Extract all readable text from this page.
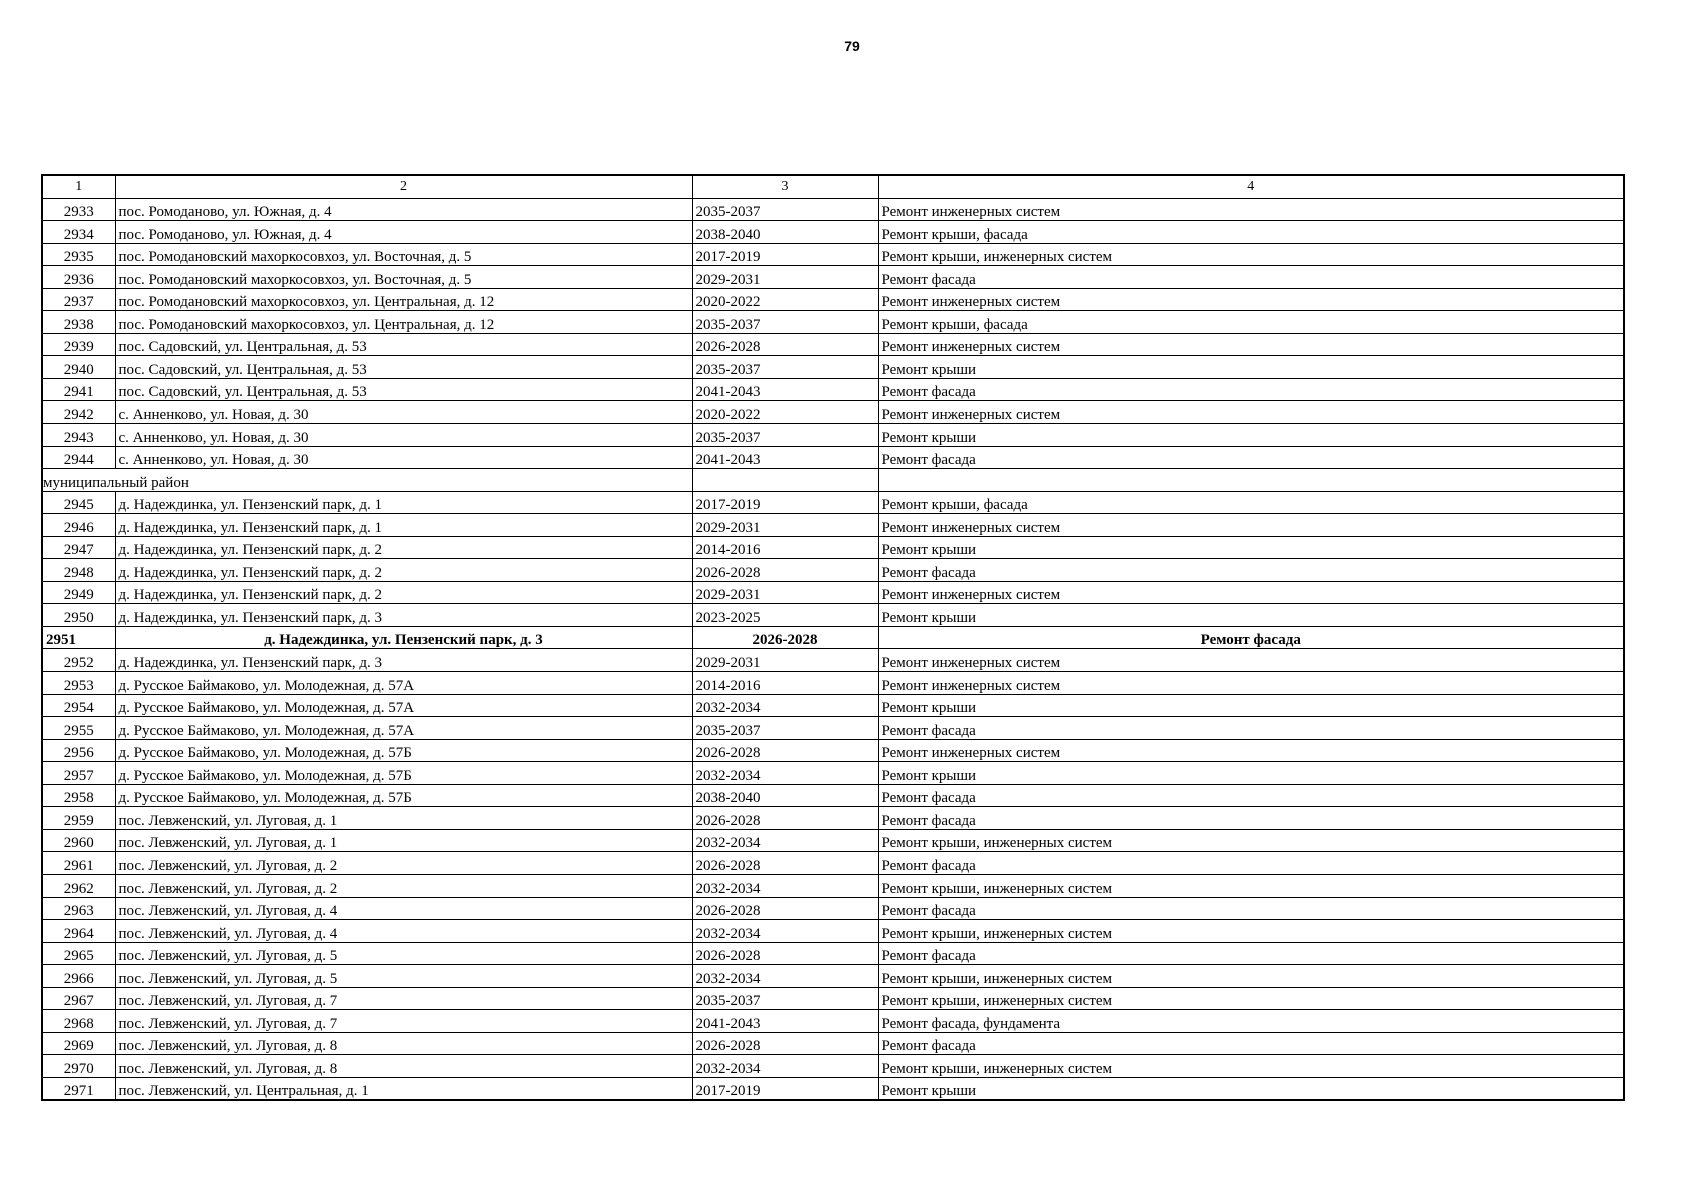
79
1	2	3	4
2933	пос. Ромоданово, ул. Южная, д. 4	2035-2037	Ремонт инженерных систем
2934	пос. Ромоданово, ул. Южная, д. 4	2038-2040	Ремонт крыши, фасада
2935	пос. Ромодановский махоркосовхоз, ул. Восточная, д. 5	2017-2019	Ремонт крыши, инженерных систем
2936	пос. Ромодановский махоркосовхоз, ул. Восточная, д. 5	2029-2031	Ремонт фасада
2937	пос. Ромодановский махоркосовхоз, ул. Центральная, д. 12	2020-2022	Ремонт инженерных систем
2938	пос. Ромодановский махоркосовхоз, ул. Центральная, д. 12	2035-2037	Ремонт крыши, фасада
2939	пос. Садовский, ул. Центральная, д. 53	2026-2028	Ремонт инженерных систем
2940	пос. Садовский, ул. Центральная, д. 53	2035-2037	Ремонт крыши
2941	пос. Садовский, ул. Центральная, д. 53	2041-2043	Ремонт фасада
2942	с. Анненково, ул. Новая, д. 30	2020-2022	Ремонт инженерных систем
2943	с. Анненково, ул. Новая, д. 30	2035-2037	Ремонт крыши
2944	с. Анненково, ул. Новая, д. 30	2041-2043	Ремонт фасада
муниципальный район			
2945	д. Надеждинка, ул. Пензенский парк, д. 1	2017-2019	Ремонт крыши, фасада
2946	д. Надеждинка, ул. Пензенский парк, д. 1	2029-2031	Ремонт инженерных систем
2947	д. Надеждинка, ул. Пензенский парк, д. 2	2014-2016	Ремонт крыши
2948	д. Надеждинка, ул. Пензенский парк, д. 2	2026-2028	Ремонт фасада
2949	д. Надеждинка, ул. Пензенский парк, д. 2	2029-2031	Ремонт инженерных систем
2950	д. Надеждинка, ул. Пензенский парк, д. 3	2023-2025	Ремонт крыши
2951	д. Надеждинка, ул. Пензенский парк, д. 3	2026-2028	Ремонт фасада
2952	д. Надеждинка, ул. Пензенский парк, д. 3	2029-2031	Ремонт инженерных систем
2953	д. Русское Баймаково, ул. Молодежная, д. 57А	2014-2016	Ремонт инженерных систем
2954	д. Русское Баймаково, ул. Молодежная, д. 57А	2032-2034	Ремонт крыши
2955	д. Русское Баймаково, ул. Молодежная, д. 57А	2035-2037	Ремонт фасада
2956	д. Русское Баймаково, ул. Молодежная, д. 57Б	2026-2028	Ремонт инженерных систем
2957	д. Русское Баймаково, ул. Молодежная, д. 57Б	2032-2034	Ремонт крыши
2958	д. Русское Баймаково, ул. Молодежная, д. 57Б	2038-2040	Ремонт фасада
2959	пос. Левженский, ул. Луговая, д. 1	2026-2028	Ремонт фасада
2960	пос. Левженский, ул. Луговая, д. 1	2032-2034	Ремонт крыши, инженерных систем
2961	пос. Левженский, ул. Луговая, д. 2	2026-2028	Ремонт фасада
2962	пос. Левженский, ул. Луговая, д. 2	2032-2034	Ремонт крыши, инженерных систем
2963	пос. Левженский, ул. Луговая, д. 4	2026-2028	Ремонт фасада
2964	пос. Левженский, ул. Луговая, д. 4	2032-2034	Ремонт крыши, инженерных систем
2965	пос. Левженский, ул. Луговая, д. 5	2026-2028	Ремонт фасада
2966	пос. Левженский, ул. Луговая, д. 5	2032-2034	Ремонт крыши, инженерных систем
2967	пос. Левженский, ул. Луговая, д. 7	2035-2037	Ремонт крыши, инженерных систем
2968	пос. Левженский, ул. Луговая, д. 7	2041-2043	Ремонт фасада, фундамента
2969	пос. Левженский, ул. Луговая, д. 8	2026-2028	Ремонт фасада
2970	пос. Левженский, ул. Луговая, д. 8	2032-2034	Ремонт крыши, инженерных систем
2971	пос. Левженский, ул. Центральная, д. 1	2017-2019	Ремонт крыши
